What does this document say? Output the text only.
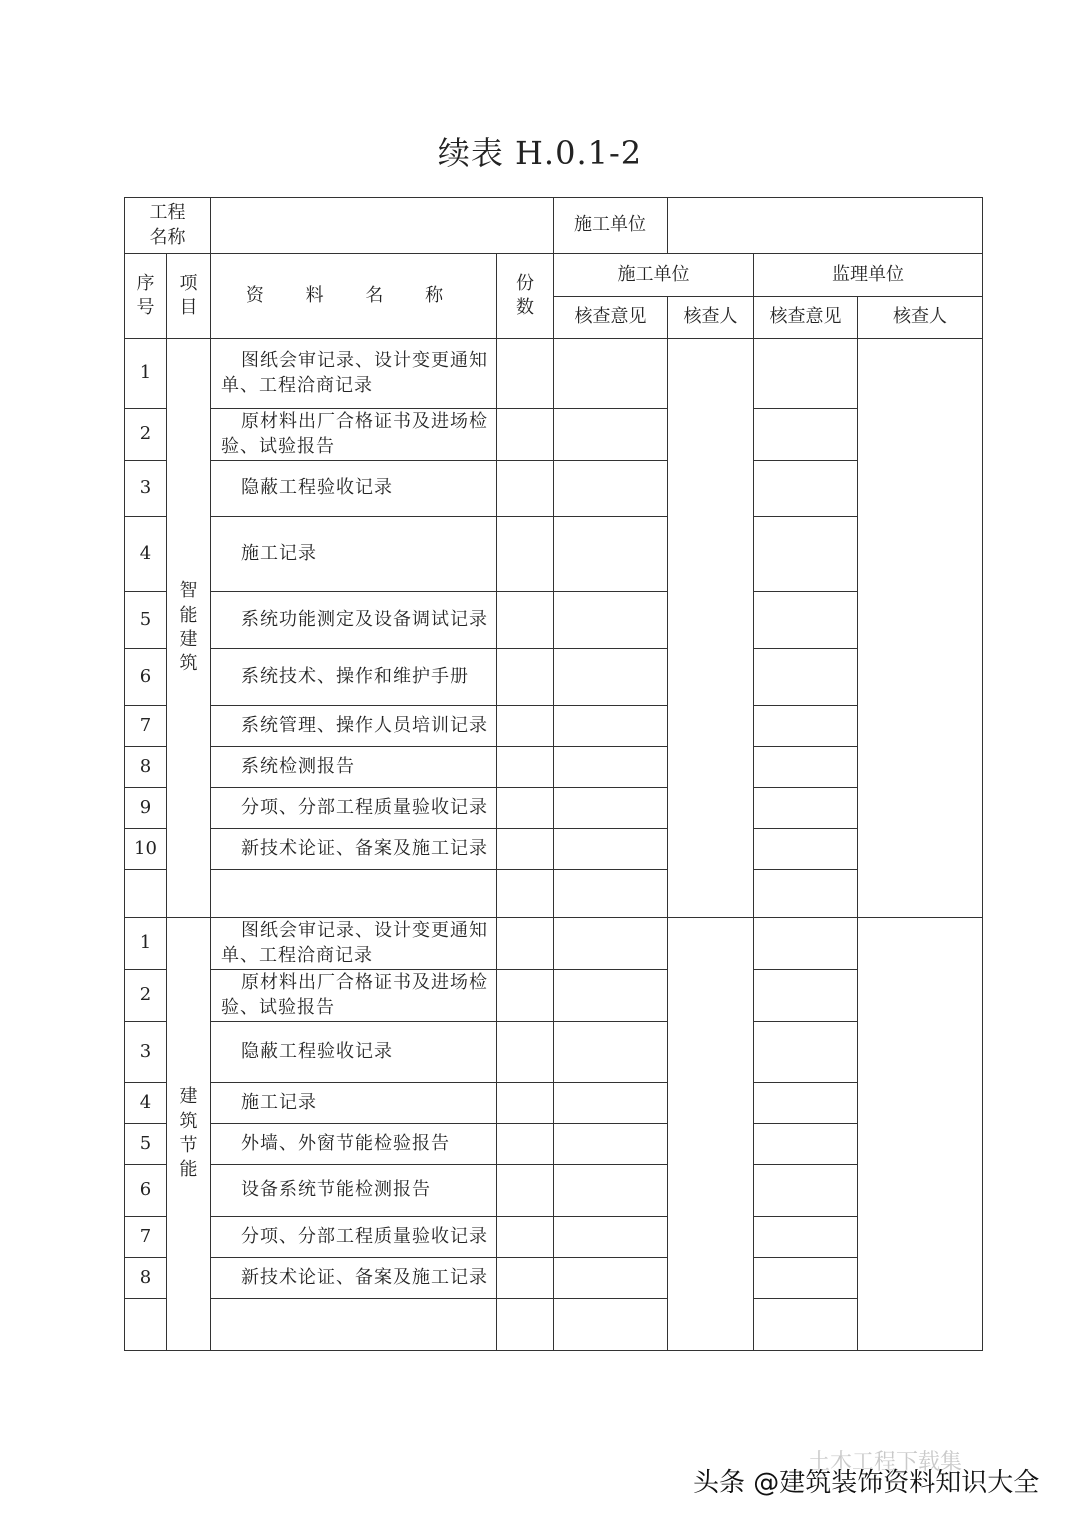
续表 H.0.1-2
工程名称				施工单位			

序号	项目	资 料 名 称	份数	施工单位		监理单位	
				核查意见	核查人	核查意见	核查人
1	智能建筑	图纸会审记录、设计变更通知单、工程洽商记录					
2		原材料出厂合格证书及进场检验、试验报告					
3		隐蔽工程验收记录					
4		施工记录					
5		系统功能测定及设备调试记录					
6		系统技术、操作和维护手册					
7		系统管理、操作人员培训记录					
8		系统检测报告					
9		分项、分部工程质量验收记录					
10		新技术论证、备案及施工记录					

1	建筑节能	图纸会审记录、设计变更通知单、工程洽商记录					
2		原材料出厂合格证书及进场检验、试验报告					
3		隐蔽工程验收记录					
4		施工记录					
5		外墙、外窗节能检验报告					
6		设备系统节能检测报告					
7		分项、分部工程质量验收记录					
8		新技术论证、备案及施工记录					

土木工程下载集
头条 @建筑装饰资料知识大全
